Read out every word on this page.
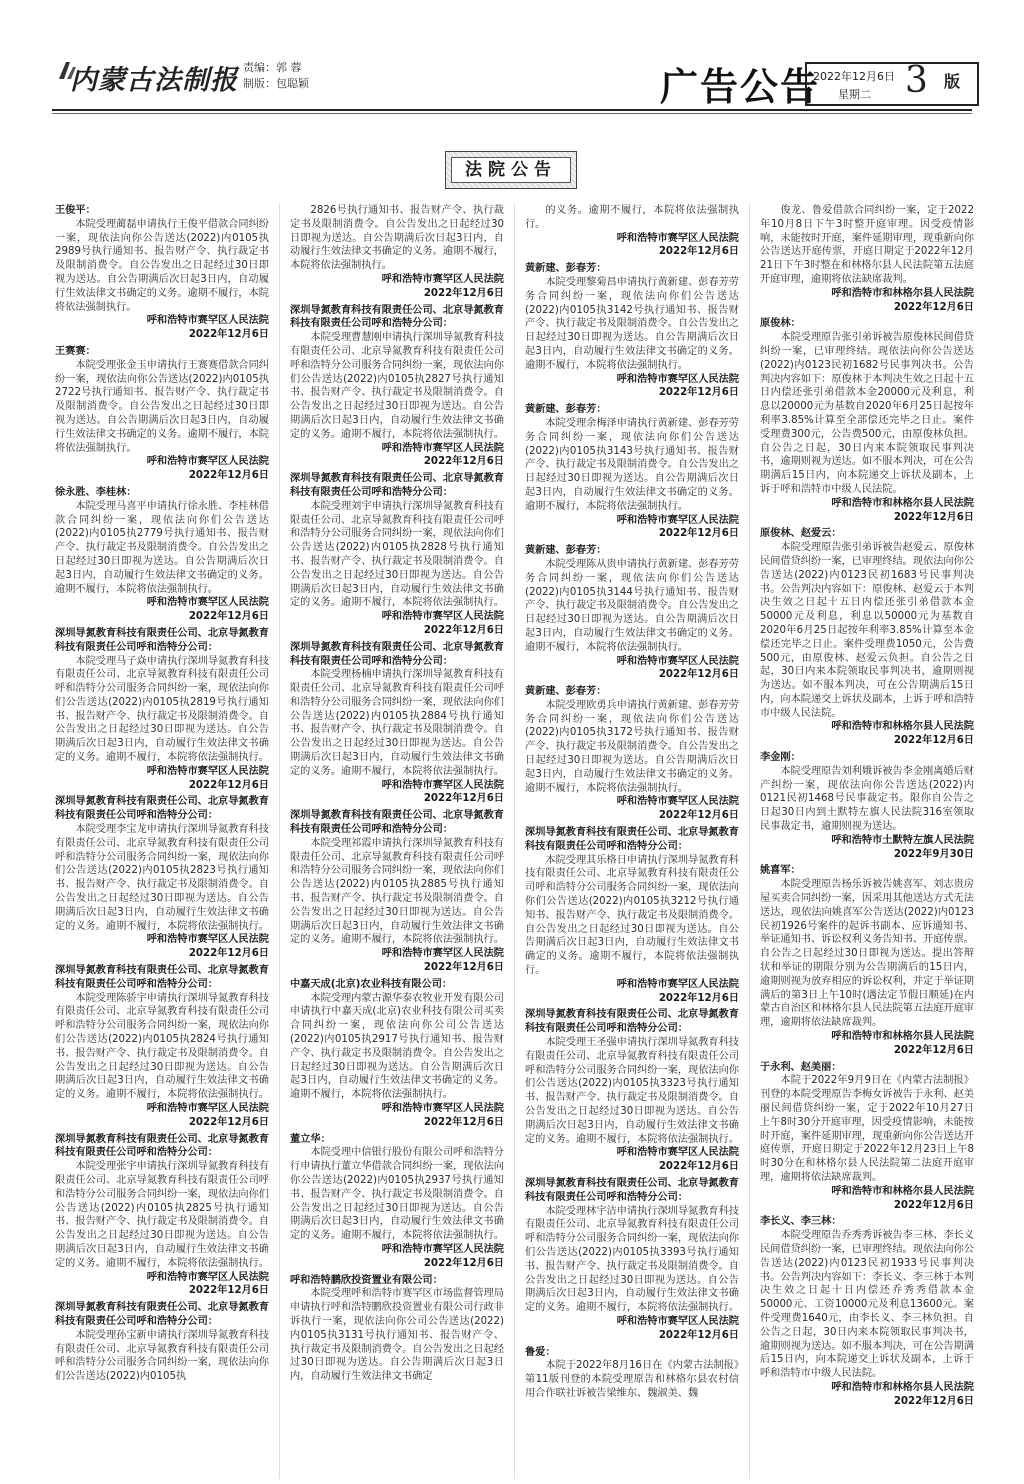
内蒙古法制报 责编：郭 蓉
制版：包聪颖	广告公告
2022年12月6日
星期二 3 版
法院公告

王俊平：

本院受理蔺磊申请执行王俊平借款合同纠纷一案，现依法向你公告送达(2022)内0105执2989号执行通知书、报告财产令、执行裁定书及限制消费令。自公告发出之日起经过30日即视为送达。自公告期满后次日起3日内，自动履行生效法律文书确定的义务。逾期不履行，本院将依法强制执行。

呼和浩特市赛罕区人民法院

2022年12月6日

王赛赛：

本院受理张金玉申请执行王赛赛借款合同纠纷一案，现依法向你公告送达(2022)内0105执2722号执行通知书、报告财产令、执行裁定书及限制消费令。自公告发出之日起经过30日即视为送达。自公告期满后次日起3日内，自动履行生效法律文书确定的义务。逾期不履行，本院将依法强制执行。

呼和浩特市赛罕区人民法院

2022年12月6日

徐永胜、李桂林：

本院受理马喜平申请执行徐永胜、李桂林借款合同纠纷一案，现依法向你们公告送达(2022)内0105执2779号执行通知书、报告财产令、执行裁定书及限制消费令。自公告发出之日起经过30日即视为送达。自公告期满后次日起3日内，自动履行生效法律文书确定的义务。逾期不履行，本院将依法强制执行。

呼和浩特市赛罕区人民法院

2022年12月6日

深圳导氮教育科技有限责任公司、北京导氮教育科技有限责任公司呼和浩特分公司：

本院受理马子焱申请执行深圳导氮教育科技有限责任公司、北京导氮教育科技有限责任公司呼和浩特分公司服务合同纠纷一案，现依法向你们公告送达(2022)内0105执2819号执行通知书、报告财产令、执行裁定书及限制消费令。自公告发出之日起经过30日即视为送达。自公告期满后次日起3日内，自动履行生效法律文书确定的义务。逾期不履行，本院将依法强制执行。

呼和浩特市赛罕区人民法院

2022年12月6日

深圳导氮教育科技有限责任公司、北京导氮教育科技有限责任公司呼和浩特分公司：

本院受理李宝龙申请执行深圳导氮教育科技有限责任公司、北京导氮教育科技有限责任公司呼和浩特分公司服务合同纠纷一案，现依法向你们公告送达(2022)内0105执2823号执行通知书、报告财产令、执行裁定书及限制消费令。自公告发出之日起经过30日即视为送达。自公告期满后次日起3日内，自动履行生效法律文书确定的义务。逾期不履行，本院将依法强制执行。

呼和浩特市赛罕区人民法院

2022年12月6日

深圳导氮教育科技有限责任公司、北京导氮教育科技有限责任公司呼和浩特分公司：

本院受理陈骄宇申请执行深圳导氮教育科技有限责任公司、北京导氮教育科技有限责任公司呼和浩特分公司服务合同纠纷一案，现依法向你们公告送达(2022)内0105执2824号执行通知书、报告财产令、执行裁定书及限制消费令。自公告发出之日起经过30日即视为送达。自公告期满后次日起3日内，自动履行生效法律文书确定的义务。逾期不履行，本院将依法强制执行。

呼和浩特市赛罕区人民法院

2022年12月6日

深圳导氮教育科技有限责任公司、北京导氮教育科技有限责任公司呼和浩特分公司：

本院受理张宇申请执行深圳导氮教育科技有限责任公司、北京导氮教育科技有限责任公司呼和浩特分公司服务合同纠纷一案，现依法向你们公告送达(2022)内0105执2825号执行通知书、报告财产令、执行裁定书及限制消费令。自公告发出之日起经过30日即视为送达。自公告期满后次日起3日内，自动履行生效法律文书确定的义务。逾期不履行，本院将依法强制执行。

呼和浩特市赛罕区人民法院

2022年12月6日

深圳导氮教育科技有限责任公司、北京导氮教育科技有限责任公司呼和浩特分公司：

本院受理孙宝新申请执行深圳导氮教育科技有限责任公司、北京导氮教育科技有限责任公司呼和浩特分公司服务合同纠纷一案，现依法向你们公告送达(2022)内0105执

2826号执行通知书、报告财产令、执行裁定书及限制消费令。自公告发出之日起经过30日即视为送达。自公告期满后次日起3日内，自动履行生效法律文书确定的义务。逾期不履行，本院将依法强制执行。

呼和浩特市赛罕区人民法院

2022年12月6日

深圳导氮教育科技有限责任公司、北京导氮教育科技有限责任公司呼和浩特分公司：

本院受理曹慧刚申请执行深圳导氮教育科技有限责任公司、北京导氮教育科技有限责任公司呼和浩特分公司服务合同纠纷一案，现依法向你们公告送达(2022)内0105执2827号执行通知书、报告财产令、执行裁定书及限制消费令。自公告发出之日起经过30日即视为送达。自公告期满后次日起3日内，自动履行生效法律文书确定的义务。逾期不履行，本院将依法强制执行。

呼和浩特市赛罕区人民法院

2022年12月6日

深圳导氮教育科技有限责任公司、北京导氮教育科技有限责任公司呼和浩特分公司：

本院受理刘宇申请执行深圳导氮教育科技有限责任公司、北京导氮教育科技有限责任公司呼和浩特分公司服务合同纠纷一案，现依法向你们公告送达(2022)内0105执2828号执行通知书、报告财产令、执行裁定书及限制消费令。自公告发出之日起经过30日即视为送达。自公告期满后次日起3日内，自动履行生效法律文书确定的义务。逾期不履行，本院将依法强制执行。

呼和浩特市赛罕区人民法院

2022年12月6日

深圳导氮教育科技有限责任公司、北京导氮教育科技有限责任公司呼和浩特分公司：

本院受理杨楠申请执行深圳导氮教育科技有限责任公司、北京导氮教育科技有限责任公司呼和浩特分公司服务合同纠纷一案，现依法向你们公告送达(2022)内0105执2884号执行通知书、报告财产令、执行裁定书及限制消费令。自公告发出之日起经过30日即视为送达。自公告期满后次日起3日内，自动履行生效法律文书确定的义务。逾期不履行，本院将依法强制执行。

呼和浩特市赛罕区人民法院

2022年12月6日

深圳导氮教育科技有限责任公司、北京导氮教育科技有限责任公司呼和浩特分公司：

本院受理祁霞申请执行深圳导氮教育科技有限责任公司、北京导氮教育科技有限责任公司呼和浩特分公司服务合同纠纷一案，现依法向你们公告送达(2022)内0105执2885号执行通知书、报告财产令、执行裁定书及限制消费令。自公告发出之日起经过30日即视为送达。自公告期满后次日起3日内，自动履行生效法律文书确定的义务。逾期不履行，本院将依法强制执行。

呼和浩特市赛罕区人民法院

2022年12月6日

中嘉天成(北京)农业科技有限公司：

本院受理内蒙古源华泰农牧业开发有限公司申请执行中嘉天成(北京)农业科技有限公司买卖合同纠纷一案，现依法向你公司公告送达(2022)内0105执2917号执行通知书、报告财产令、执行裁定书及限制消费令。自公告发出之日起经过30日即视为送达。自公告期满后次日起3日内，自动履行生效法律文书确定的义务。逾期不履行，本院将依法强制执行。

呼和浩特市赛罕区人民法院

2022年12月6日

董立华：

本院受理中信银行股份有限公司呼和浩特分行申请执行董立华借款合同纠纷一案，现依法向你公告送达(2022)内0105执2937号执行通知书、报告财产令、执行裁定书及限制消费令。自公告发出之日起经过30日即视为送达。自公告期满后次日起3日内，自动履行生效法律文书确定的义务。逾期不履行，本院将依法强制执行。

呼和浩特市赛罕区人民法院

2022年12月6日

呼和浩特鹏欣投资置业有限公司：

本院受理呼和浩特市赛罕区市场监督管理局申请执行呼和浩特鹏欣投资置业有限公司行政非诉执行一案，现依法向你公司公告送达(2022)内0105执3131号执行通知书、报告财产令、执行裁定书及限制消费令。自公告发出之日起经过30日即视为送达。自公告期满后次日起3日内，自动履行生效法律文书确定

的义务。逾期不履行，本院将依法强制执行。

呼和浩特市赛罕区人民法院

2022年12月6日

黄新建、彭春芳：

本院受理黎菊昌申请执行黄新建、彭春芳劳务合同纠纷一案，现依法向你们公告送达(2022)内0105执3142号执行通知书、报告财产令、执行裁定书及限制消费令。自公告发出之日起经过30日即视为送达。自公告期满后次日起3日内，自动履行生效法律文书确定的义务。逾期不履行，本院将依法强制执行。

呼和浩特市赛罕区人民法院

2022年12月6日

黄新建、彭春芳：

本院受理余梅泽申请执行黄新建、彭春芳劳务合同纠纷一案，现依法向你们公告送达(2022)内0105执3143号执行通知书、报告财产令、执行裁定书及限制消费令。自公告发出之日起经过30日即视为送达。自公告期满后次日起3日内，自动履行生效法律文书确定的义务。逾期不履行，本院将依法强制执行。

呼和浩特市赛罕区人民法院

2022年12月6日

黄新建、彭春芳：

本院受理陈从贵申请执行黄新建、彭春芳劳务合同纠纷一案，现依法向你们公告送达(2022)内0105执3144号执行通知书、报告财产令、执行裁定书及限制消费令。自公告发出之日起经过30日即视为送达。自公告期满后次日起3日内，自动履行生效法律文书确定的义务。逾期不履行，本院将依法强制执行。

呼和浩特市赛罕区人民法院

2022年12月6日

黄新建、彭春芳：

本院受理欧勇兵申请执行黄新建、彭春芳劳务合同纠纷一案，现依法向你们公告送达(2022)内0105执3172号执行通知书、报告财产令、执行裁定书及限制消费令。自公告发出之日起经过30日即视为送达。自公告期满后次日起3日内，自动履行生效法律文书确定的义务。逾期不履行，本院将依法强制执行。

呼和浩特市赛罕区人民法院

2022年12月6日

深圳导氮教育科技有限责任公司、北京导氮教育科技有限责任公司呼和浩特分公司：

本院受理其乐格日申请执行深圳导氮教育科技有限责任公司、北京导氮教育科技有限责任公司呼和浩特分公司服务合同纠纷一案，现依法向你们公告送达(2022)内0105执3212号执行通知书、报告财产令、执行裁定书及限制消费令。自公告发出之日起经过30日即视为送达。自公告期满后次日起3日内，自动履行生效法律文书确定的义务。逾期不履行，本院将依法强制执行。

呼和浩特市赛罕区人民法院

2022年12月6日

深圳导氮教育科技有限责任公司、北京导氮教育科技有限责任公司呼和浩特分公司：

本院受理王圣强申请执行深圳导氮教育科技有限责任公司、北京导氮教育科技有限责任公司呼和浩特分公司服务合同纠纷一案，现依法向你们公告送达(2022)内0105执3323号执行通知书、报告财产令、执行裁定书及限制消费令。自公告发出之日起经过30日即视为送达。自公告期满后次日起3日内，自动履行生效法律文书确定的义务。逾期不履行，本院将依法强制执行。

呼和浩特市赛罕区人民法院

2022年12月6日

深圳导氮教育科技有限责任公司、北京导氮教育科技有限责任公司呼和浩特分公司：

本院受理林宇洁申请执行深圳导氮教育科技有限责任公司、北京导氮教育科技有限责任公司呼和浩特分公司服务合同纠纷一案，现依法向你们公告送达(2022)内0105执3393号执行通知书、报告财产令、执行裁定书及限制消费令。自公告发出之日起经过30日即视为送达。自公告期满后次日起3日内，自动履行生效法律文书确定的义务。逾期不履行，本院将依法强制执行。

呼和浩特市赛罕区人民法院

2022年12月6日

鲁爱：

本院于2022年8月16日在《内蒙古法制报》第11版刊登的本院受理原告和林格尔县农村信用合作联社诉被告梁维东、魏淑美、魏

俊龙、鲁爱借款合同纠纷一案，定于2022年10月8日下午3时整开庭审理。因受疫情影响，未能按时开庭，案件延期审理，现重新向你公告送达开庭传票，开庭日期定于2022年12月21日下午3时整在和林格尔县人民法院第五法庭开庭审理，逾期将依法缺席裁判。

呼和浩特市和林格尔县人民法院

2022年12月6日

原俊林：

本院受理原告张引弟诉被告原俊林民间借贷纠纷一案，已审理终结。现依法向你公告送达(2022)内0123民初1682号民事判决书。公告判决内容如下：原俊林于本判决生效之日起十五日内偿还张引弟借款本金20000元及利息，利息以20000元为基数自2020年6月25日起按年利率3.85%计算至全部偿还完毕之日止。案件受理费300元，公告费500元，由原俊林负担。自公告之日起，30日内来本院领取民事判决书，逾期则视为送达。如不服本判决，可在公告期满后15日内，向本院递交上诉状及副本，上诉于呼和浩特市中级人民法院。

呼和浩特市和林格尔县人民法院

2022年12月6日

原俊林、赵爱云：

本院受理原告张引弟诉被告赵爱云、原俊林民间借贷纠纷一案，已审理终结。现依法向你公告送达(2022)内0123民初1683号民事判决书。公告判决内容如下：原俊林、赵爱云于本判决生效之日起十五日内偿还张引弟借款本金50000元及利息，利息以50000元为基数自2020年6月25日起按年利率3.85%计算至本金偿还完毕之日止。案件受理费1050元，公告费500元，由原俊林、赵爱云负担。自公告之日起，30日内来本院领取民事判决书，逾期则视为送达。如不服本判决，可在公告期满后15日内，向本院递交上诉状及副本，上诉于呼和浩特市中级人民法院。

呼和浩特市和林格尔县人民法院

2022年12月6日

李金刚：

本院受理原告刘利娥诉被告李金刚离婚后财产纠纷一案，现依法向你公告送达(2022)内0121民初1468号民事裁定书。限你自公告之日起30日内到土默特左旗人民法院316室领取民事裁定书，逾期则视为送达。

呼和浩特市土默特左旗人民法院

2022年9月30日

姚喜军：

本院受理原告杨乐诉被告姚喜军、刘志贵房屋买卖合同纠纷一案，因采用其他送达方式无法送达，现依法向姚喜军公告送达(2022)内0123民初1926号案件的起诉书副本、应诉通知书、举证通知书、诉讼权利义务告知书、开庭传票。自公告之日起经过30日即视为送达。提出答辩状和举证的期限分别为公告期满后的15日内，逾期则视为放弃相应的诉讼权利，并定于举证期满后的第3日上午10时(遇法定节假日顺延)在内蒙古自治区和林格尔县人民法院第五法庭开庭审理，逾期将依法缺席裁判。

呼和浩特市和林格尔县人民法院

2022年12月6日

于永利、赵美丽：

本院于2022年9月9日在《内蒙古法制报》刊登的本院受理原告李梅女诉被告于永利、赵美丽民间借贷纠纷一案，定于2022年10月27日上午8时30分开庭审理，因受疫情影响，未能按时开庭，案件延期审理，现重新向你公告送达开庭传票，开庭日期定于2022年12月23日上午8时30分在和林格尔县人民法院第二法庭开庭审理，逾期将依法缺席裁判。

呼和浩特市和林格尔县人民法院

2022年12月6日

李长义、李三林：

本院受理原告乔秀秀诉被告李三林、李长义民间借贷纠纷一案，已审理终结。现依法向你公告送达(2022)内0123民初1933号民事判决书。公告判决内容如下：李长义、李三林于本判决生效之日起十日内偿还乔秀秀借款本金50000元、工资10000元及利息13600元。案件受理费1640元，由李长义、李三林负担。自公告之日起，30日内来本院领取民事判决书，逾期则视为送达。如不服本判决，可在公告期满后15日内，向本院递交上诉状及副本，上诉于呼和浩特市中级人民法院。

呼和浩特市和林格尔县人民法院

2022年12月6日
